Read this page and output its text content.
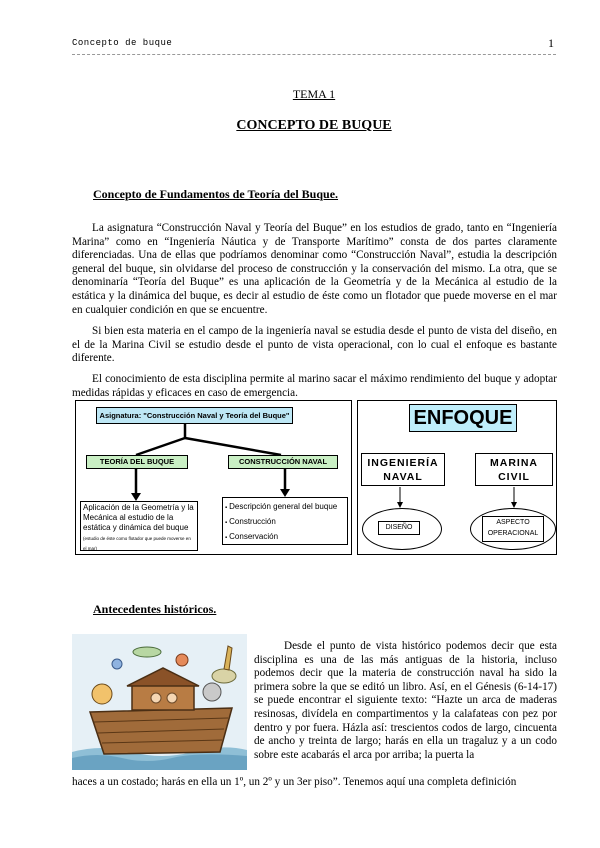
Concepto de buque	1
TEMA 1
CONCEPTO DE BUQUE
Concepto de Fundamentos de Teoría del Buque.

La asignatura “Construcción Naval y Teoría del Buque” en los estudios de grado, tanto en “Ingeniería Marina” como en “Ingeniería Náutica y de Transporte Marítimo” consta de dos partes claramente diferenciadas. Una de ellas que podríamos denominar como “Construcción Naval”, estudia la descripción general del buque, sin olvidarse del proceso de construcción y la conservación del mismo. La otra, que se denominaría “Teoría del Buque” es una aplicación de la Geometría y de la Mecánica al estudio de la estática y la dinámica del buque, es decir al estudio de éste como un flotador que puede moverse en el mar en cualquier condición en que se encuentre.

Si bien esta materia en el campo de la ingeniería naval se estudia desde el punto de vista del diseño, en el de la Marina Civil se estudio desde el punto de vista operacional, con lo cual el enfoque es bastante diferente.

El conocimiento de esta disciplina permite al marino sacar el máximo rendimiento del buque y adoptar medidas rápidas y eficaces en caso de emergencia.

Asignatura: "Construcción Naval y Teoría del Buque"
TEORÍA DEL BUQUE	CONSTRUCCIÓN NAVAL
Aplicación de la Geometría y la Mecánica al estudio de la estática y dinámica del buque (estudio de éste como flotador que puede moverse en el mar)
▪ Descripción general del buque
▪ Construcción
▪ Conservación
ENFOQUE
INGENIERÍA NAVAL
MARINA CIVIL
DISEÑO
ASPECTO OPERACIONAL
Antecedentes históricos.

Desde el punto de vista histórico podemos decir que esta disciplina es una de las más antiguas de la historia, incluso podemos decir que la materia de construcción naval ha sido la primera sobre la que se editó un libro. Así, en el Génesis (6-14-17) se puede encontrar el siguiente texto: “Hazte un arca de maderas resinosas, divídela en compartimentos y la calafateas con pez por dentro y por fuera. Házla así: trescientos codos de largo, cincuenta de ancho y treinta de largo; harás en ella un tragaluz y a un codo sobre este acabarás el arca por arriba; la puerta la

haces a un costado; harás en ella un 1º, un 2º y un 3er piso”. Tenemos aquí una completa definición
